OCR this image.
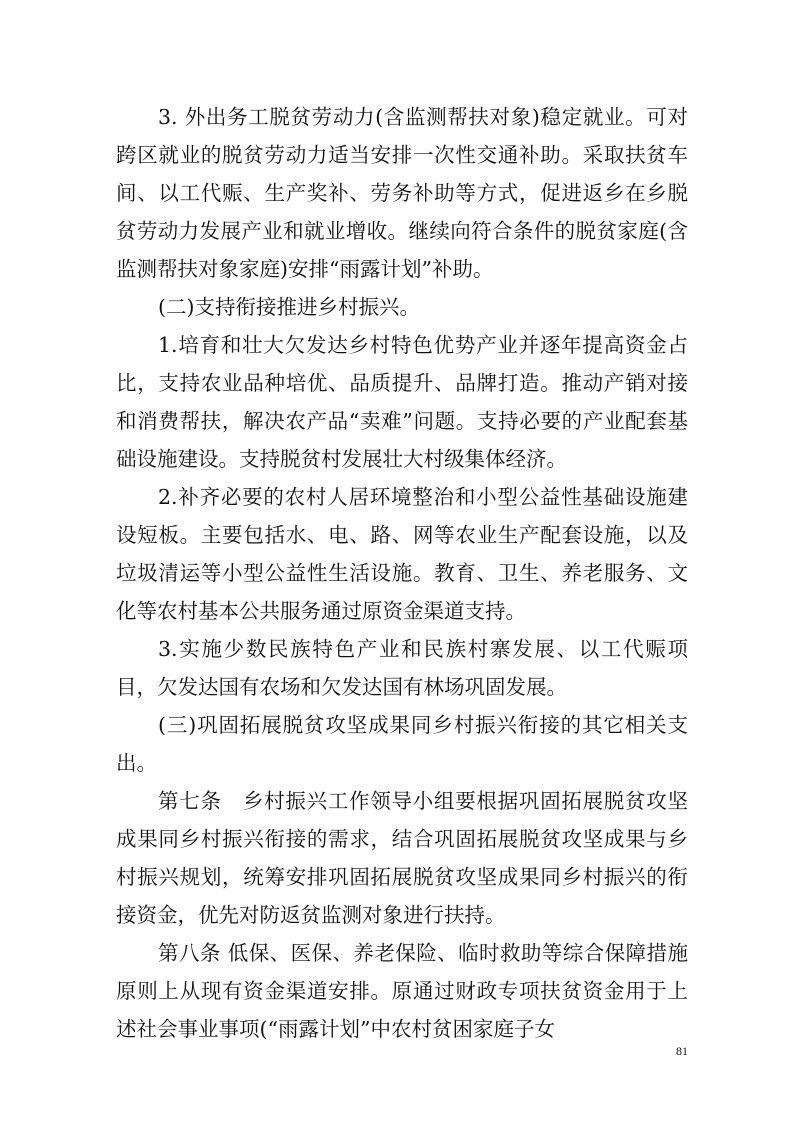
3. 外出务工脱贫劳动力(含监测帮扶对象)稳定就业。可对跨区就业的脱贫劳动力适当安排一次性交通补助。采取扶贫车间、以工代赈、生产奖补、劳务补助等方式，促进返乡在乡脱贫劳动力发展产业和就业增收。继续向符合条件的脱贫家庭(含监测帮扶对象家庭)安排“雨露计划”补助。

(二)支持衔接推进乡村振兴。

1.培育和壮大欠发达乡村特色优势产业并逐年提高资金占比，支持农业品种培优、品质提升、品牌打造。推动产销对接和消费帮扶，解决农产品“卖难”问题。支持必要的产业配套基础设施建设。支持脱贫村发展壮大村级集体经济。

2.补齐必要的农村人居环境整治和小型公益性基础设施建设短板。主要包括水、电、路、网等农业生产配套设施，以及垃圾清运等小型公益性生活设施。教育、卫生、养老服务、文化等农村基本公共服务通过原资金渠道支持。

3.实施少数民族特色产业和民族村寨发展、以工代赈项目，欠发达国有农场和欠发达国有林场巩固发展。

(三)巩固拓展脱贫攻坚成果同乡村振兴衔接的其它相关支出。

第七条　乡村振兴工作领导小组要根据巩固拓展脱贫攻坚成果同乡村振兴衔接的需求，结合巩固拓展脱贫攻坚成果与乡村振兴规划，统筹安排巩固拓展脱贫攻坚成果同乡村振兴的衔接资金，优先对防返贫监测对象进行扶持。

第八条 低保、医保、养老保险、临时救助等综合保障措施原则上从现有资金渠道安排。原通过财政专项扶贫资金用于上述社会事业事项(“雨露计划”中农村贫困家庭子女

81
